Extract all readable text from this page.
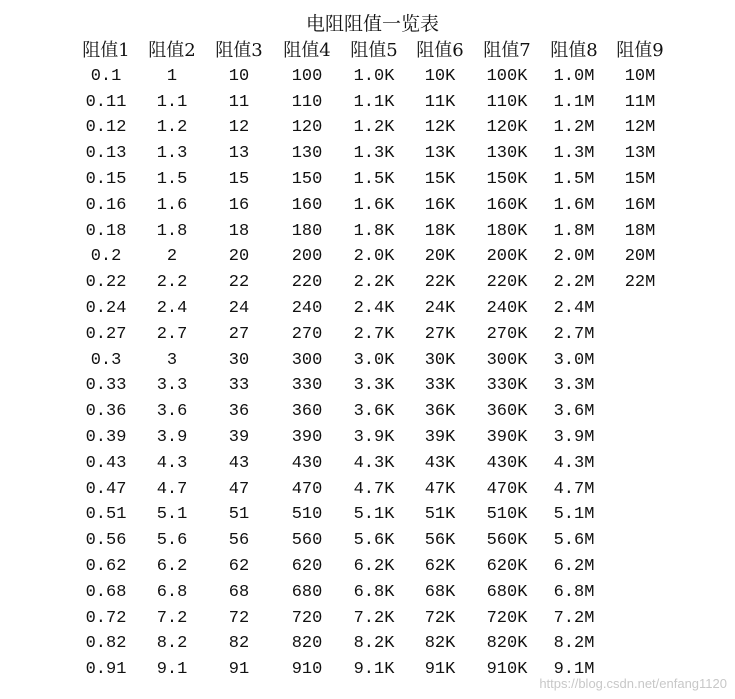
电阻阻值一览表
阻值1	阻值2	阻值3	阻值4	阻值5	阻值6	阻值7	阻值8	阻值9
0.1	1	10	100	1.0K	10K	100K	1.0M	10M
0.11	1.1	11	110	1.1K	11K	110K	1.1M	11M
0.12	1.2	12	120	1.2K	12K	120K	1.2M	12M
0.13	1.3	13	130	1.3K	13K	130K	1.3M	13M
0.15	1.5	15	150	1.5K	15K	150K	1.5M	15M
0.16	1.6	16	160	1.6K	16K	160K	1.6M	16M
0.18	1.8	18	180	1.8K	18K	180K	1.8M	18M
0.2	2	20	200	2.0K	20K	200K	2.0M	20M
0.22	2.2	22	220	2.2K	22K	220K	2.2M	22M
0.24	2.4	24	240	2.4K	24K	240K	2.4M	
0.27	2.7	27	270	2.7K	27K	270K	2.7M	
0.3	3	30	300	3.0K	30K	300K	3.0M	
0.33	3.3	33	330	3.3K	33K	330K	3.3M	
0.36	3.6	36	360	3.6K	36K	360K	3.6M	
0.39	3.9	39	390	3.9K	39K	390K	3.9M	
0.43	4.3	43	430	4.3K	43K	430K	4.3M	
0.47	4.7	47	470	4.7K	47K	470K	4.7M	
0.51	5.1	51	510	5.1K	51K	510K	5.1M	
0.56	5.6	56	560	5.6K	56K	560K	5.6M	
0.62	6.2	62	620	6.2K	62K	620K	6.2M	
0.68	6.8	68	680	6.8K	68K	680K	6.8M	
0.72	7.2	72	720	7.2K	72K	720K	7.2M	
0.82	8.2	82	820	8.2K	82K	820K	8.2M	
0.91	9.1	91	910	9.1K	91K	910K	9.1M	
https://blog.csdn.net/enfang1120
